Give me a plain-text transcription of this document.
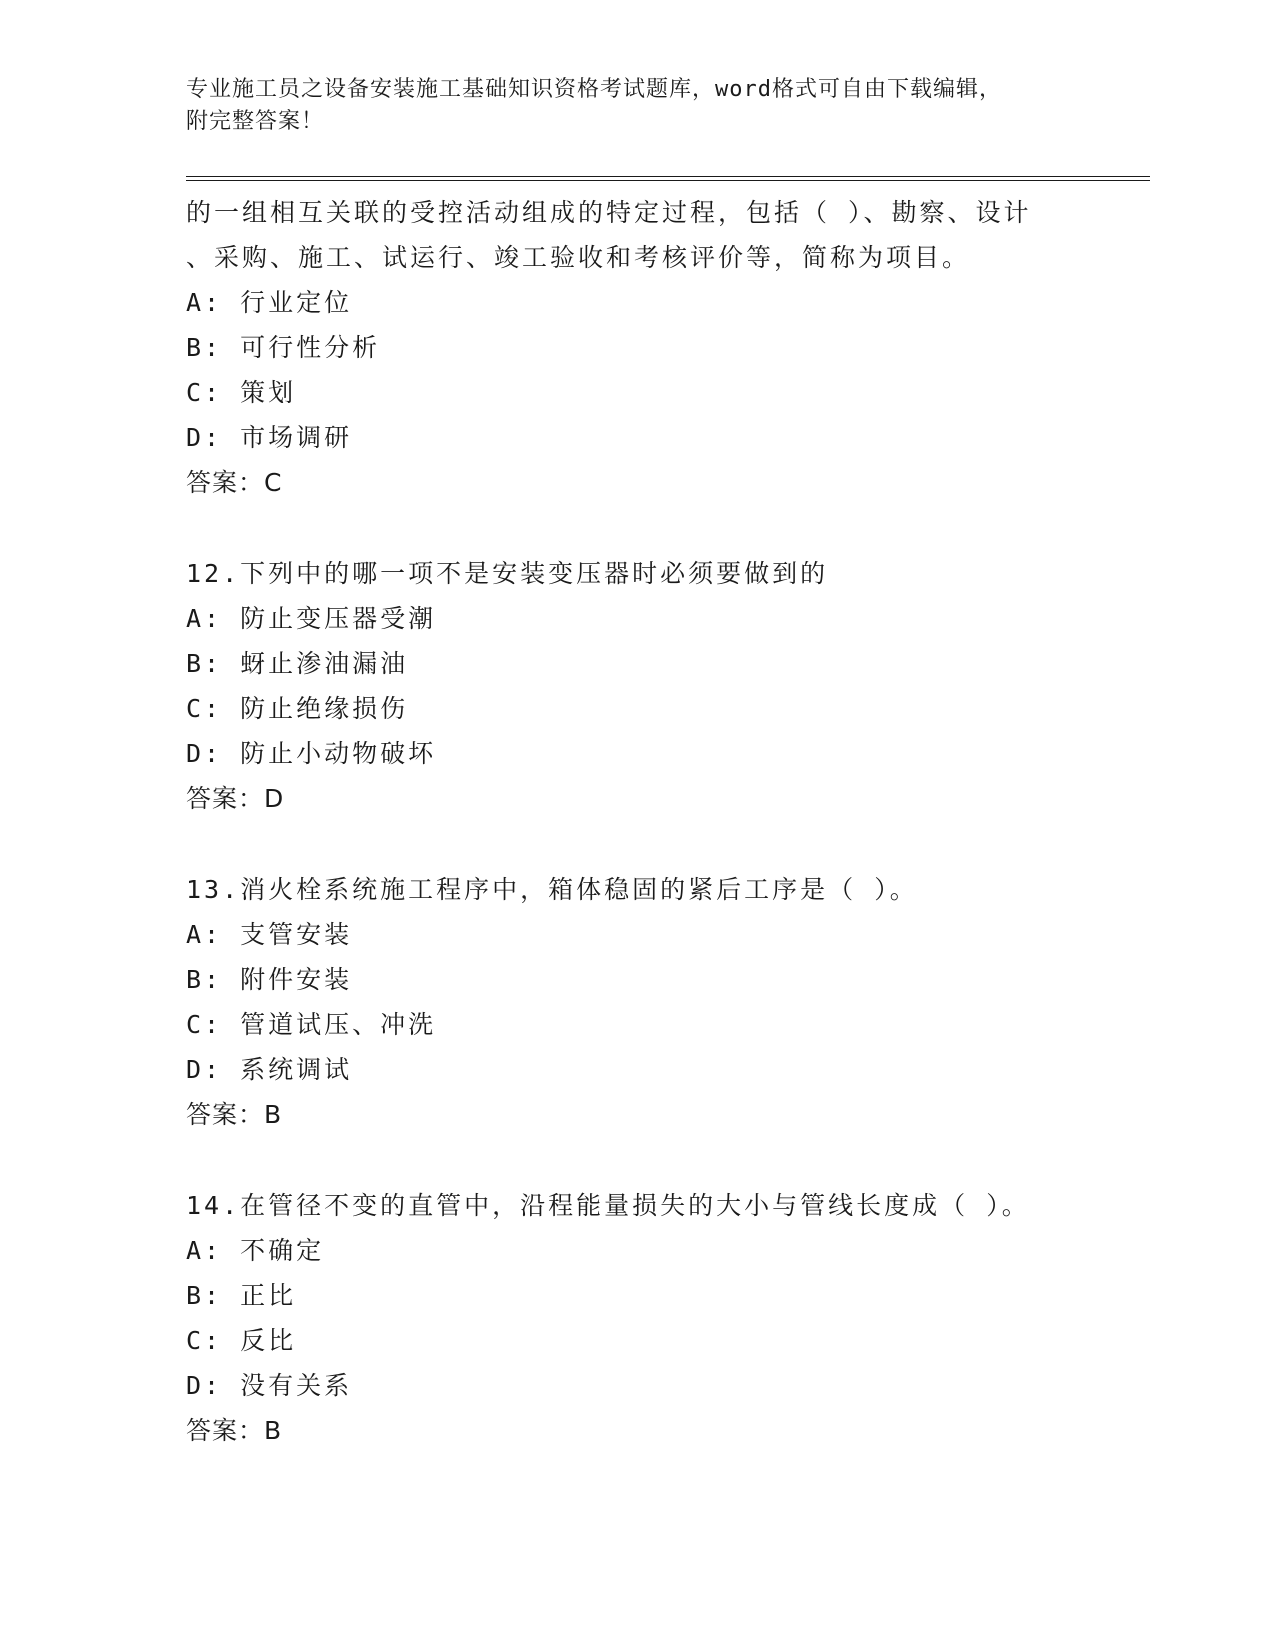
专业施工员之设备安装施工基础知识资格考试题库，word格式可自由下载编辑，
附完整答案！
的一组相互关联的受控活动组成的特定过程，包括（ ）、勘察、设计
、采购、施工、试运行、竣工验收和考核评价等，简称为项目。
A: 行业定位
B: 可行性分析
C: 策划
D: 市场调研
答案：C
12.下列中的哪一项不是安装变压器时必须要做到的
A: 防止变压器受潮
B: 蚜止渗油漏油
C: 防止绝缘损伤
D: 防止小动物破坏
答案：D
13.消火栓系统施工程序中，箱体稳固的紧后工序是（ ）。
A: 支管安装
B: 附件安装
C: 管道试压、冲洗
D: 系统调试
答案：B
14.在管径不变的直管中，沿程能量损失的大小与管线长度成（ ）。
A: 不确定
B: 正比
C: 反比
D: 没有关系
答案：B
